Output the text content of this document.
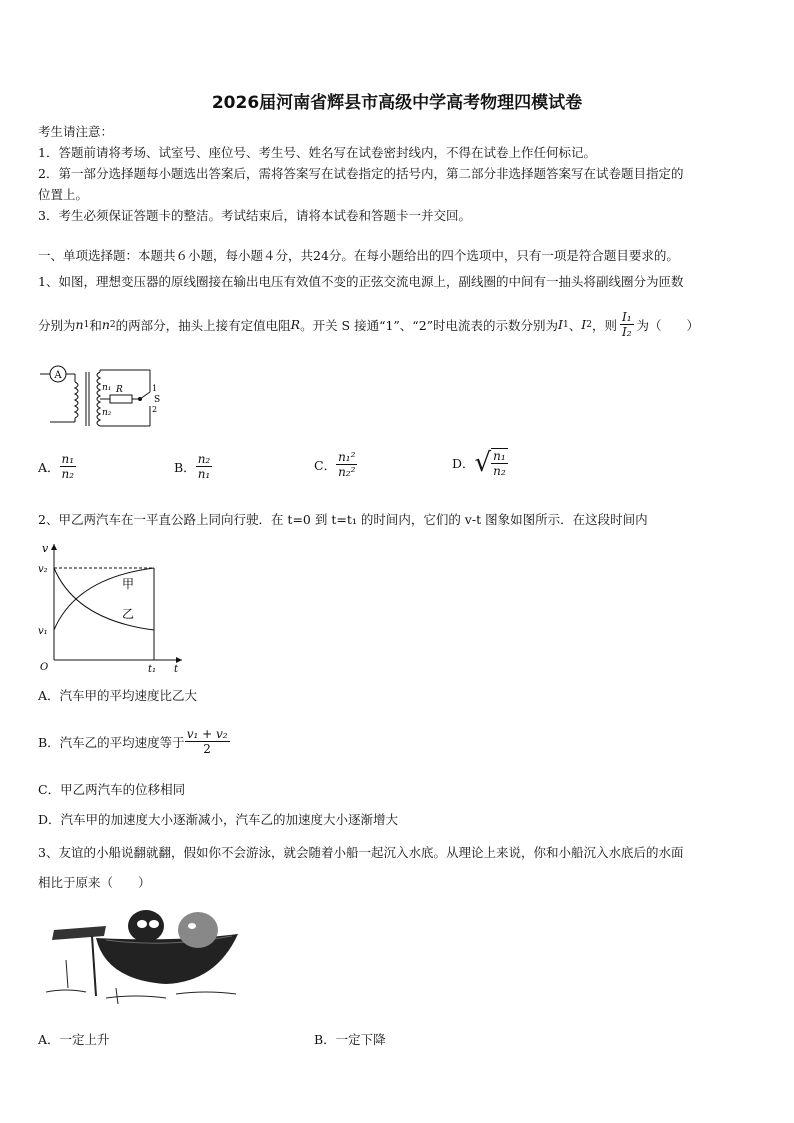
2026届河南省辉县市高级中学高考物理四模试卷
考生请注意：
1．答题前请将考场、试室号、座位号、考生号、姓名写在试卷密封线内，不得在试卷上作任何标记。
2．第一部分选择题每小题选出答案后，需将答案写在试卷指定的括号内，第二部分非选择题答案写在试卷题目指定的
位置上。
3．考生必须保证答题卡的整洁。考试结束后，请将本试卷和答题卡一并交回。
一、单项选择题：本题共６小题，每小题４分，共24分。在每小题给出的四个选项中，只有一项是符合题目要求的。
1、如图，理想变压器的原线圈接在输出电压有效值不变的正弦交流电源上，副线圈的中间有一抽头将副线圈分为匝数
分别为 n 1 和 n 2 的两部分，抽头上接有定值电阻 R 。开关 S 接通“1”、“2”时电流表的示数分别为 I 1 、 I 2 ，则 $\frac{\text{I₁}}{\text{I₂}}$ 为（　　）
A
n₁
n₂
R	1
2
S
A． $\frac{\text{n₁}}{\text{n₂}}$	B． $\frac{\text{n₂}}{\text{n₁}}$	C． $\frac{\text{n₁²}}{\text{n₂²}}$	D． √ $\frac{\text{n₁}}{\text{n₂}}$
2、甲乙两汽车在一平直公路上同向行驶．在 t=0 到 t=t₁ 的时间内，它们的 v-t 图象如图所示．在这段时间内
v
v₂
v₁
O	t₁ t
甲
乙
A．汽车甲的平均速度比乙大
B．汽车乙的平均速度等于 $\frac{\text{v₁ + v₂}}{2}$
C．甲乙两汽车的位移相同
D．汽车甲的加速度大小逐渐减小，汽车乙的加速度大小逐渐增大
3、友谊的小船说翻就翻，假如你不会游泳，就会随着小船一起沉入水底。从理论上来说，你和小船沉入水底后的水面
相比于原来（　　）
A．一定上升	B．一定下降
